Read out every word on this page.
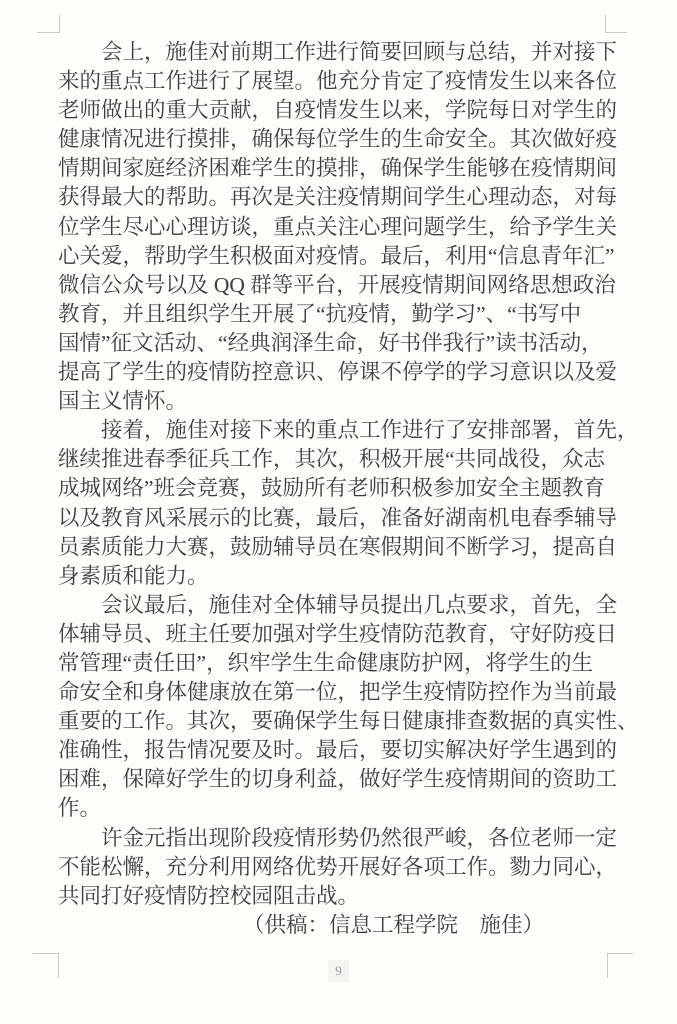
会上，施佳对前期工作进行简要回顾与总结，并对接下
来的重点工作进行了展望。他充分肯定了疫情发生以来各位
老师做出的重大贡献，自疫情发生以来，学院每日对学生的
健康情况进行摸排，确保每位学生的生命安全。其次做好疫
情期间家庭经济困难学生的摸排，确保学生能够在疫情期间
获得最大的帮助。再次是关注疫情期间学生心理动态，对每
位学生尽心心理访谈，重点关注心理问题学生，给予学生关
心关爱，帮助学生积极面对疫情。最后，利用“信息青年汇”
微信公众号以及 QQ 群等平台，开展疫情期间网络思想政治
教育，并且组织学生开展了“抗疫情，勤学习”、“书写中
国情”征文活动、“经典润泽生命，好书伴我行”读书活动，
提高了学生的疫情防控意识、停课不停学的学习意识以及爱
国主义情怀。
接着，施佳对接下来的重点工作进行了安排部署，首先，
继续推进春季征兵工作，其次，积极开展“共同战役，众志
成城网络”班会竞赛，鼓励所有老师积极参加安全主题教育
以及教育风采展示的比赛，最后，准备好湖南机电春季辅导
员素质能力大赛，鼓励辅导员在寒假期间不断学习，提高自
身素质和能力。
会议最后，施佳对全体辅导员提出几点要求，首先，全
体辅导员、班主任要加强对学生疫情防范教育，守好防疫日
常管理“责任田”，织牢学生生命健康防护网，将学生的生
命安全和身体健康放在第一位，把学生疫情防控作为当前最
重要的工作。其次，要确保学生每日健康排查数据的真实性、
准确性，报告情况要及时。最后，要切实解决好学生遇到的
困难，保障好学生的切身利益，做好学生疫情期间的资助工
作。
许金元指出现阶段疫情形势仍然很严峻，各位老师一定
不能松懈，充分利用网络优势开展好各项工作。勠力同心，
共同打好疫情防控校园阻击战。
（供稿：信息工程学院　施佳）
9
